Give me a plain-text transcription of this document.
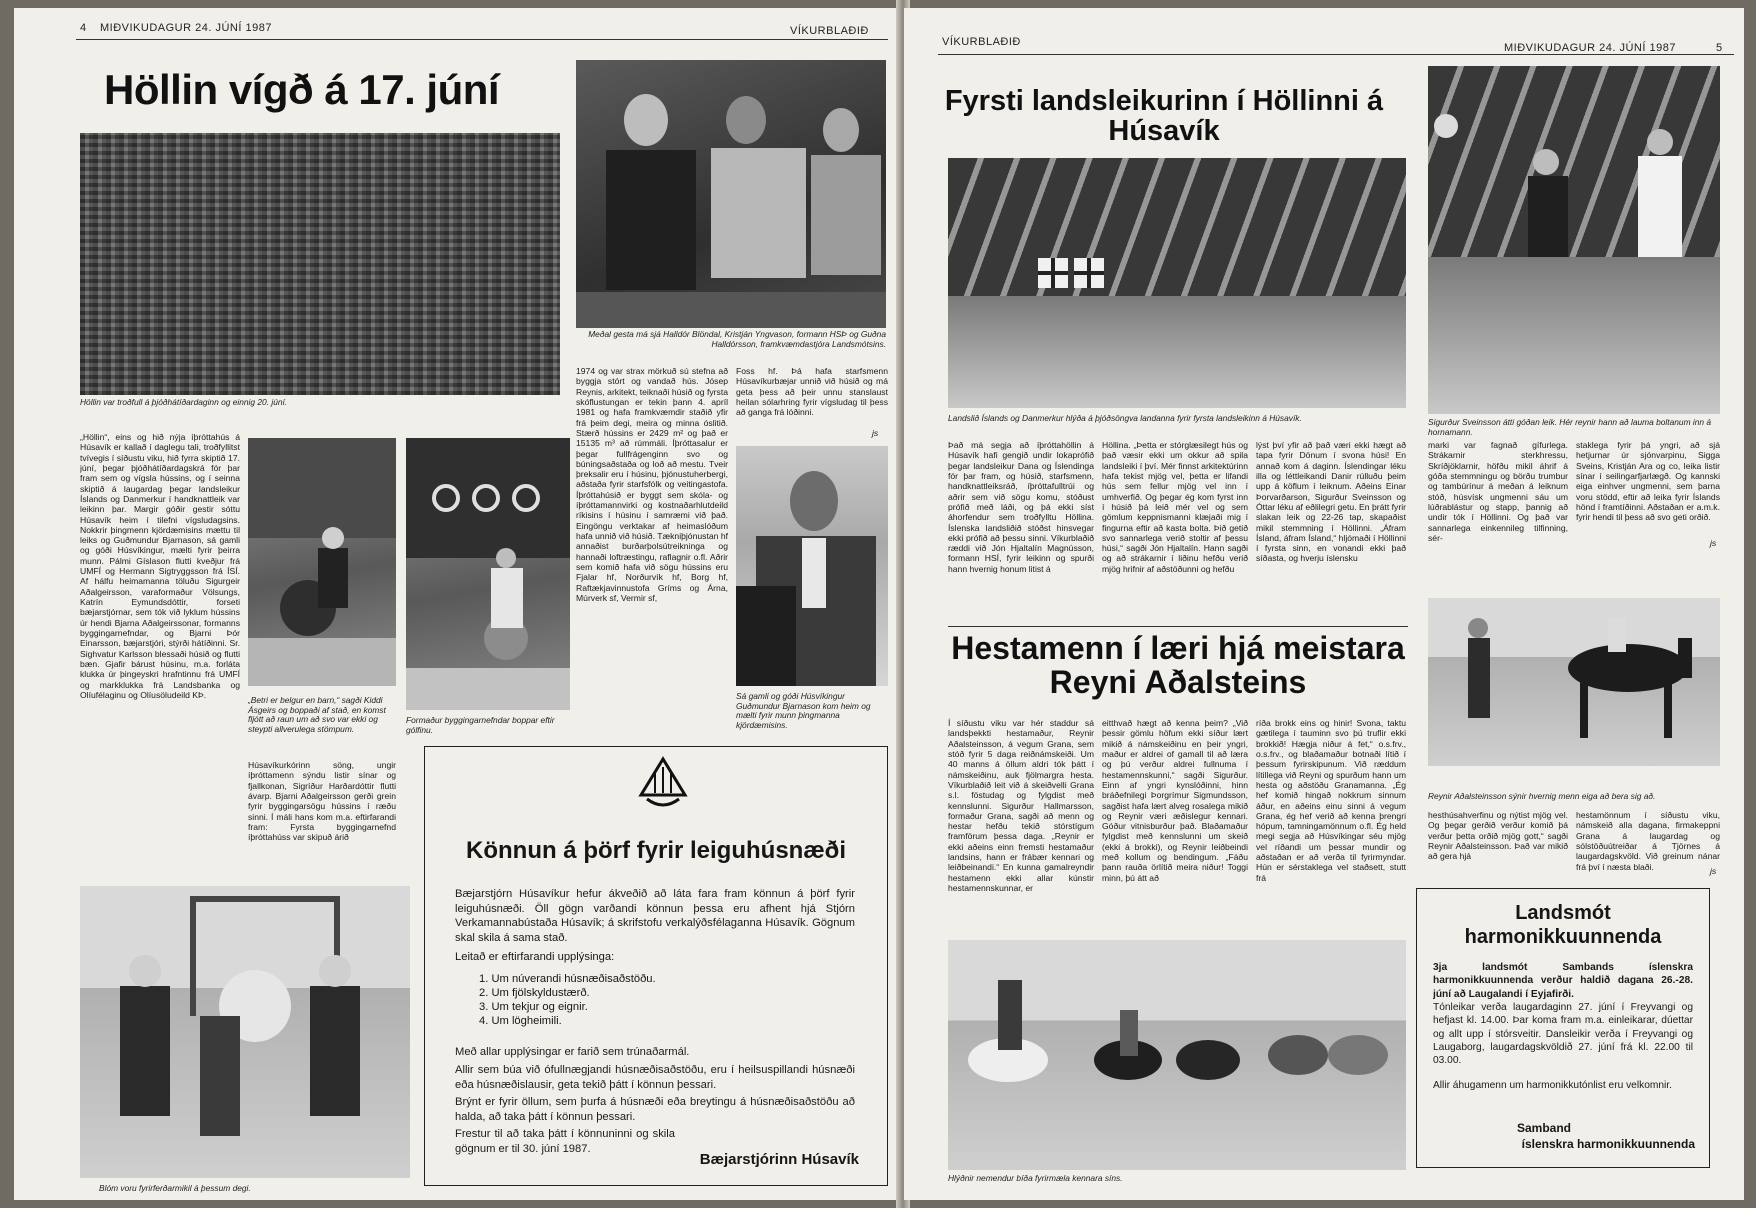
4 MIÐVIKUDAGUR 24. JÚNÍ 1987	VÍKURBLAÐIÐ
Höllin vígð á 17. júní
Höllin var troðfull á þjóðhátíðardaginn og einnig 20. júní.
Meðal gesta má sjá Halldór Blöndal, Kristján Yngvason, formann HSÞ og Guðna Halldórsson, framkvæmdastjóra Landsmótsins.
„Höllin“, eins og hið nýja íþróttahús á Húsavík er kallað í daglegu tali, troðfyllitst tvívegis í síðustu viku, hið fyrra skiptið 17. júní, þegar þjóðhátíðardagskrá fór þar fram sem og vígsla hússins, og í seinna skiptið á laugardag þegar landsleikur Íslands og Danmerkur í handknattleik var leikinn þar. Margir góðir gestir sóttu Húsavík heim í tilefni vígsludagsins. Nokkrir þingmenn kjördæmisins mættu til leiks og Guðmundur Bjarnason, sá gamli og góði Húsvíkingur, mælti fyrir þeirra munn. Pálmi Gíslason flutti kveðjur frá UMFÍ og Hermann Sigtryggsson frá ÍSÍ. Af hálfu heimamanna töluðu Sigurgeir Aðalgeirsson, varaformaður Völsungs, Katrín Eymundsdóttir, forseti bæjarstjórnar, sem tók við lyklum hússins úr hendi Bjarna Aðalgeirssonar, formanns byggingarnefndar, og Bjarni Þór Einarsson, bæjarstjóri, stýrði hátíðinni. Sr. Sighvatur Karlsson blessaði húsið og flutti bæn. Gjafir bárust húsinu, m.a. forláta klukka úr þingeyskri hrafntinnu frá UMFÍ og markklukka frá Landsbanka og Olíufélaginu og Olíusöludeild KÞ.
„Betri er belgur en barn,“ sagði Kiddi Ásgeirs og boppaði af stað, en komst fljótt að raun um að svo var ekki og steypti allverulega stömpum.
Húsavíkurkórinn söng, ungir íþróttamenn sýndu listir sínar og fjallkonan, Sigríður Harðardóttir flutti ávarp. Bjarni Aðalgeirsson gerði grein fyrir byggingarsögu hússins í ræðu sinni. Í máli hans kom m.a. eftirfarandi fram: Fyrsta byggingarnefnd íþróttahúss var skipuð árið
Formaður byggingarnefndar boppar eftir gólfinu.
1974 og var strax mörkuð sú stefna að byggja stórt og vandað hús. Jósep Reynis, arkitekt, teiknaði húsið og fyrsta skóflustungan er tekin þann 4. apríl 1981 og hafa framkvæmdir staðið yfir frá þeim degi, meira og minna óslitið. Stærð hússins er 2429 m² og það er 15135 m³ að rúmmáli. Íþróttasalur er þegar fullfrágenginn svo og búningsaðstaða og loð að mestu. Tveir þreksalir eru í húsinu, þjónustuherbergi, aðstaða fyrir starfsfólk og veitingastofa. Íþróttahúsið er byggt sem skóla- og íþróttamannvirki og kostnaðarhlutdeild ríkisins í húsinu í samræmi við það. Eingöngu verktakar af heimaslóðum hafa unnið við húsið. Tækniþjónustan hf annaðist burðarþolsútreikninga og hannaði loftræstingu, raflagnir o.fl. Aðrir sem komið hafa við sögu hússins eru Fjalar hf, Norðurvík hf, Borg hf, Raftækjavinnustofa Gríms og Árna, Múrverk sf, Vermir sf,
Foss hf. Þá hafa starfsmenn Húsavíkurbæjar unnið við húsið og má geta þess að þeir unnu stanslaust heilan sólarhring fyrir vígsludag til þess að ganga frá lóðinni.
js
Sá gamli og góði Húsvíkingur Guðmundur Bjarnason kom heim og mælti fyrir munn þingmanna kjördæmisins.
Blóm voru fyrirferðarmikil á þessum degi.
Könnun á þörf fyrir leiguhúsnæði
Bæjarstjórn Húsavíkur hefur ákveðið að láta fara fram könnun á þörf fyrir leiguhúsnæði. Öll gögn varðandi könnun þessa eru afhent hjá Stjórn Verkamannabústaða Húsavík; á skrifstofu verkalýðsfélaganna Húsavík. Gögnum skal skila á sama stað.
Leitað er eftirfarandi upplýsinga:
1. Um núverandi húsnæðisaðstöðu.
2. Um fjölskyldustærð.
3. Um tekjur og eignir.
4. Um lögheimili.
Með allar upplýsingar er farið sem trúnaðarmál.
Allir sem búa við ófullnægjandi húsnæðisaðstöðu, eru í heilsuspillandi húsnæði eða húsnæðislausir, geta tekið þátt í könnun þessari.
Brýnt er fyrir öllum, sem þurfa á húsnæði eða breytingu á húsnæðisaðstöðu að halda, að taka þátt í könnun þessari.
Frestur til að taka þátt í könnuninni og skila gögnum er til 30. júní 1987.
Bæjarstjórinn Húsavík
VÍKURBLAÐIÐ	MIÐVIKUDAGUR 24. JÚNÍ 1987	5
Fyrsti landsleikurinn í Höllinni á Húsavík
Landslið Íslands og Danmerkur hlýða á þjóðsöngva landanna fyrir fyrsta landsleikinn á Húsavík.	Sigurður Sveinsson átti góðan leik. Hér reynir hann að lauma boltanum inn á hornamann.
Það má segja að íþróttahöllin á Húsavík hafi gengið undir lokaprófið þegar landsleikur Dana og Íslendinga fór þar fram, og húsið, starfsmenn, handknattleiksráð, íþróttafulltrúi og aðrir sem við sögu komu, stóðust prófið með láði, og þá ekki síst áhorfendur sem troðfylltu Höllina. Íslenska landsliðið stóðst hinsvegar ekki prófið að þessu sinni. Víkurblaðið ræddi við Jón Hjaltalín Magnússon, formann HSÍ, fyrir leikinn og spurði hann hvernig honum litist á
Höllina. „Þetta er stórglæsilegt hús og það væsir ekki um okkur að spila landsleiki í því. Mér finnst arkitektúrinn hafa tekist mjög vel, þetta er lifandi hús sem fellur mjög vel inn í umhverfið. Og þegar ég kom fyrst inn í húsið þá leið mér vel og sem gömlum keppnismanni klæjaði mig í fingurna eftir að kasta bolta. Þið getið svo sannarlega verið stoltir af þessu húsi,“ sagði Jón Hjaltalín. Hann sagði og að strákarnir í liðinu hefðu verið mjög hrifnir af aðstöðunni og hefðu
lýst því yfir að það væri ekki hægt að tapa fyrir Dönum í svona húsi! En annað kom á daginn. Íslendingar léku illa og léttleikandi Danir rúlluðu þeim upp á köflum í leiknum. Aðeins Einar Þorvarðarson, Sigurður Sveinsson og Óttar léku af eðlilegri getu. En þrátt fyrir slakan leik og 22-26 tap, skapaðist mikil stemmning í Höllinni. „Áfram Ísland, áfram Ísland,“ hljómaði í Höllinni í fyrsta sinn, en vonandi ekki það síðasta, og hverju íslensku
marki var fagnað gífurlega. Strákarnir sterkhressu, Skríðjöklarnir, höfðu mikil áhrif á góða stemmningu og börðu trumbur og tambúrínur á meðan á leiknum stóð, húsvísk ungmenni sáu um lúðrablástur og stapp, þannig að undir tók í Höllinni. Og það var sannarlega einkennileg tilfinning, sér-
staklega fyrir þá yngri, að sjá hetjurnar úr sjónvarpinu, Sigga Sveins, Kristján Ara og co, leika listir sínar í seilingarfjarlægð. Og kannski eiga einhver ungmenni, sem þarna voru stödd, eftir að leika fyrir Íslands hönd í framtíðinni. Aðstaðan er a.m.k. fyrir hendi til þess að svo geti orðið.
js
Hestamenn í læri hjá meistara Reyni Aðalsteins
Í síðustu viku var hér staddur sá landsþekkti hestamaður, Reynir Aðalsteinsson, á vegum Grana, sem stóð fyrir 5 daga reiðnámskeiði. Um 40 manns á öllum aldri tók þátt í námskeiðinu, auk fjölmargra hesta. Víkurblaðið leit við á skeiðvelli Grana s.l. föstudag og fylgdist með kennslunni. Sigurður Hallmarsson, formaður Grana, sagði að menn og hestar hefðu tekið stórstígum framförum þessa daga. „Reynir er ekki aðeins einn fremsti hestamaður landsins, hann er frábær kennari og leiðbeinandi.“ En kunna gamalreyndir hestamenn ekki allar kúnstir hestamennskunnar, er
eitthvað hægt að kenna þeim? „Við þessir gömlu höfum ekki síður lært mikið á námskeiðinu en þeir yngri, maður er aldrei of gamall til að læra og þú verður aldrei fullnuma í hestamennskunni,“ sagði Sigurður. Einn af yngri kynslóðinni, hinn bráðefnilegi Þorgrímur Sigmundsson, sagðist hafa lært alveg rosalega mikið og Reynir væri æðislegur kennari. Góður vitnisburður það. Blaðamaður fylgdist með kennslunni um skeið (ekki á brokki), og Reynir leiðbeindi með kollum og bendingum. „Fáðu þann rauða örlítið meira niður! Toggi minn, þú átt að
ríða brokk eins og hinir! Svona, taktu gætilega í tauminn svo þú truflir ekki brokkið! Hægja niður á fet,“ o.s.frv., o.s.frv., og blaðamaður botnaði lítið í þessum fyrirskipunum. Við ræddum lítillega við Reyni og spurðum hann um hesta og aðstöðu Granamanna. „Ég hef komið hingað nokkrum sinnum áður, en aðeins einu sinni á vegum Grana, ég hef verið að kenna þrengri hópum, tamningamönnum o.fl. Ég held megi segja að Húsvíkingar séu mjög vel ríðandi um þessar mundir og aðstaðan er að verða til fyrirmyndar. Hún er sérstaklega vel staðsett, stutt frá
Reynir Aðalsteinsson sýnir hvernig menn eiga að bera sig að.
hesthúsahverfinu og nýtist mjög vel. Og þegar gerðið verður komið þá verður þetta orðið mjög gott,“ sagði Reynir Aðalsteinsson. Það var mikið að gera hjá
hestamönnum í síðustu viku, námskeið alla dagana, firmakeppni Grana á laugardag og sólstöðuútreiðar á Tjörnes á laugardagskvöld. Við greinum nánar frá því í næsta blaði.	js
Hlýðnir nemendur bíða fyrirmæla kennara síns.
Landsmót harmonikkuunnenda
3ja landsmót Sambands íslenskra harmonikkuunnenda verður haldið dagana 26.-28. júní að Laugalandi í Eyjafirði.
Tónleikar verða laugardaginn 27. júní í Freyvangi og hefjast kl. 14.00. Þar koma fram m.a. einleikarar, dúettar og allt upp í stórsveitir. Dansleikir verða í Freyvangi og Laugaborg, laugardagskvöldið 27. júní frá kl. 22.00 til 03.00.
Allir áhugamenn um harmonikkutónlist eru velkomnir.
Samband
íslenskra harmonikkuunnenda
